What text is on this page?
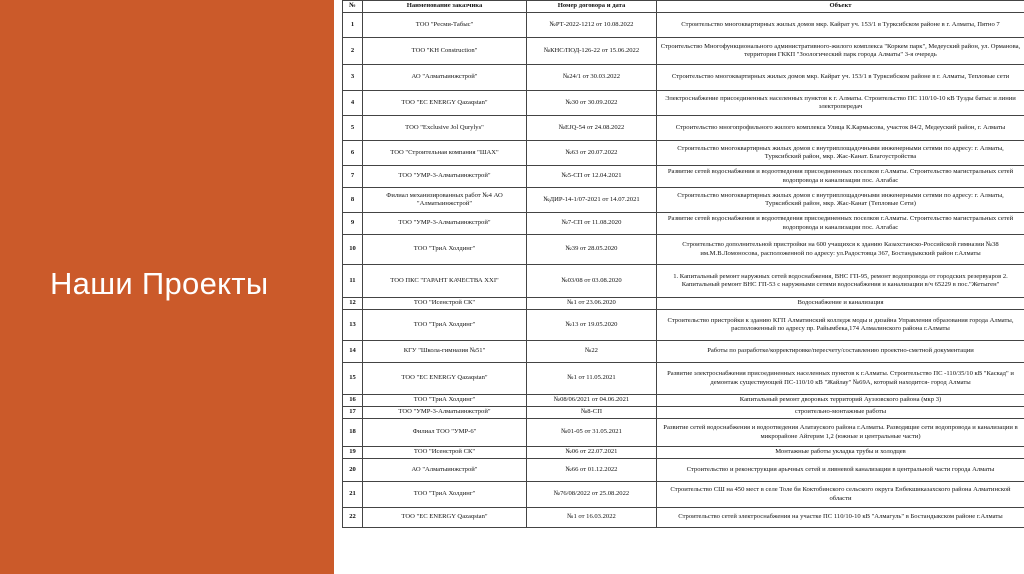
Наши Проекты
№	Наименование заказчика	Номер договора и дата	Объект
1	ТОО "Ресми-Табыс"	№РТ-2022-1212 от 10.08.2022	Строительство многоквартирных жилых домов мкр. Кайрат уч. 153/1 в Турксибском районе в г. Алматы, Пятно 7
2	ТОО "KH Construction"	№КНС/ПОД-126-22 от 15.06.2022	Строительство Многофункционального административного-жилого комплекса "Коркем парк", Медеуский район, ул. Орманова, территория ГККП "Зоологический парк города Алматы" 3-я очередь
3	АО "Алматыинжстрой"	№24/1 от 30.03.2022	Строительство многоквартирных жилых домов мкр. Кайрат уч. 153/1 в Турксибском районе в г. Алматы, Тепловые сети
4	ТОО "EC ENERGY Qazaqstan"	№30 от 30.09.2022	Электроснабжение присоединенных населенных пунктов к г. Алматы. Строительство ПС 110/10-10 кВ Тузды батыс и линии электропередач
5	ТОО "Exclusive Jol Qurylys"	№EJQ-54 от 24.08.2022	Строительство многопрофильного жилого комплекса Улица К.Кармысова, участок 84/2, Медеуский район, г. Алматы
6	ТОО "Строительная компания "ШАХ"	№63 от 20.07.2022	Строительство многоквартирных жилых домов с внутриплощадочными инженерными сетями по адресу: г. Алматы, Турксибский район, мкр. Жас-Канат. Благоустройства
7	ТОО "УМР-3-Алматыинжстрой"	№5-СП от 12.04.2021	Развитие сетей водоснабжения и водоотведения присоединенных поселков г.Алматы. Строительство магистральных сетей водопровода и канализации пос. Алгабас
8	Филиал механизированных работ №4 АО "Алматыинжстрой"	№ДИР-14-1/07-2021 от 14.07.2021	Строительство многоквартирных жилых домов с внутриплощадочными инженерными сетями по адресу: г. Алматы, Турксибский район, мкр. Жас-Канат (Тепловые Сети)
9	ТОО "УМР-3-Алматыинжстрой"	№7-СП от 11.08.2020	Развитие сетей водоснабжения и водоотведения присоединенных поселков г.Алматы. Строительство магистральных сетей водопровода и канализации пос. Алгабас
10	ТОО "ТриА Холдинг"	№39 от 28.05.2020	Строительство дополнительной пристройки на 600 учащихся к зданию Казахстанско-Российской гимназии №38 им.М.В.Ломоносова, расположенной по адресу: ул.Радостовца 367, Бостандыкский район г.Алматы
11	ТОО ПКС "ГАРАНТ КАЧЕСТВА XXI"	№03/08 от 03.08.2020	1. Капитальный ремонт наружных сетей водоснабжения, ВНС ГП-95, ремонт водопровода от городских резервуаров 2. Капитальный ремонт ВНС ГП-53 с наружными сетями водоснабжения и канализации в/ч 65229 в пос."Жетыген"
12	ТОО "Исенстрой СК"	№1 от 23.06.2020	Водоснабжение и канализация
13	ТОО "ТриА Холдинг"	№13 от 19.05.2020	Строительство пристройки к зданию КГП Алматинский колледж моды и дизайна Управления образования города Алматы, расположенный по адресу пр. Райымбека,174 Алмалинского района г.Алматы
14	КГУ "Школа-гимназия №51"	№22	Работы по разработке/корректировке/пересчету/составлению проектно-сметной документации
15	ТОО "EC ENERGY Qazaqstan"	№1 от 11.05.2021	Развитие электроснабжения присоединенных населенных пунктов к г.Алматы. Строительство ПС -110/35/10 кВ "Каскад" и демонтаж существующей ПС-110/10 кВ "Жайлау" №69А, который находится- город Алматы
16	ТОО "ТриА Холдинг"	№08/06/2021 от 04.06.2021	Капитальный ремонт дворовых территорий Ауэзовского района (мкр 3)
17	ТОО "УМР-3-Алматыинжстрой"	№8-СП	строительно-монтажные работы
18	Филиал ТОО "УМР-6"	№01-05 от 31.05.2021	Развитие сетей водоснабжения и водоотведения Алатауского района г.Алматы. Разводящие сети водопровода и канализации в микрорайоне Айгерим 1,2 (южные и центральные части)
19	ТОО "Исенстрой СК"	№06 от 22.07.2021	Монтажные работы укладка трубы и холодцев
20	АО "Алматыинжстрой"	№66 от 01.12.2022	Строительство и реконструкция арычных сетей и ливневой канализации в центральной части города Алматы
21	ТОО "ТриА Холдинг"	№76/08/2022 от 25.08.2022	Строительство СШ на 450 мест в селе Толе би Коктобинского сельского округа Енбекшиказахского района Алматинской области
22	ТОО "EC ENERGY Qazaqstan"	№1 от 16.03.2022	Строительство сетей электроснабжения на участке ПС 110/10-10 кВ "Алмагуль" в Бостандыкском районе г.Алматы
